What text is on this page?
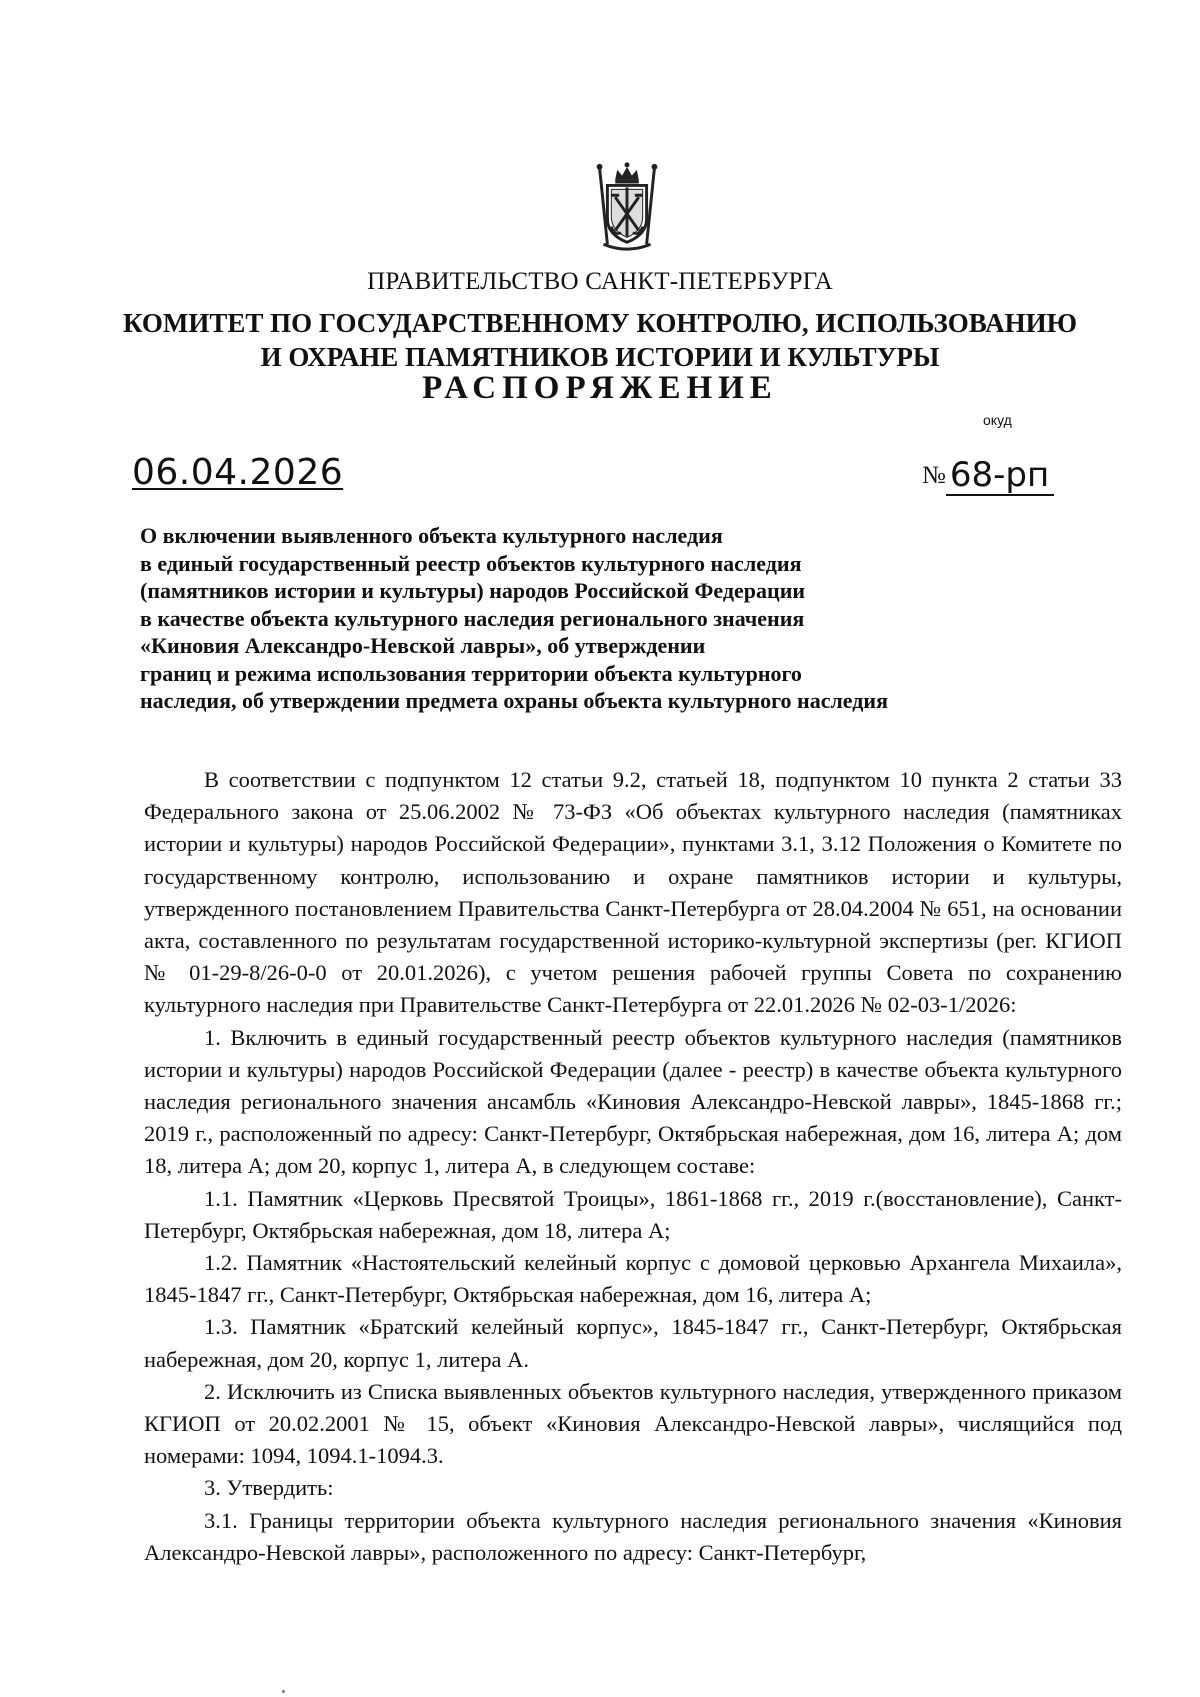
ПРАВИТЕЛЬСТВО САНКТ-ПЕТЕРБУРГА
КОМИТЕТ ПО ГОСУДАРСТВЕННОМУ КОНТРОЛЮ, ИСПОЛЬЗОВАНИЮ
И ОХРАНЕ ПАМЯТНИКОВ ИСТОРИИ И КУЛЬТУРЫ
РАСПОРЯЖЕНИЕ
окуд
06.04.2026	№ 68-рп
О включении выявленного объекта культурного наследия
в единый государственный реестр объектов культурного наследия
(памятников истории и культуры) народов Российской Федерации
в качестве объекта культурного наследия регионального значения
«Киновия Александро-Невской лавры», об утверждении
границ и режима использования территории объекта культурного
наследия, об утверждении предмета охраны объекта культурного наследия

В соответствии с подпунктом 12 статьи 9.2, статьей 18, подпунктом 10 пункта 2 статьи 33 Федерального закона от 25.06.2002 № 73-ФЗ «Об объектах культурного наследия (памятниках истории и культуры) народов Российской Федерации», пунктами 3.1, 3.12 Положения о Комитете по государственному контролю, использованию и охране памятников истории и культуры, утвержденного постановлением Правительства Санкт-Петербурга от 28.04.2004 № 651, на основании акта, составленного по результатам государственной историко-культурной экспертизы (рег. КГИОП № 01-29-8/26-0-0 от 20.01.2026), с учетом решения рабочей группы Совета по сохранению культурного наследия при Правительстве Санкт-Петербурга от 22.01.2026 № 02-03-1/2026:

1. Включить в единый государственный реестр объектов культурного наследия (памятников истории и культуры) народов Российской Федерации (далее - реестр) в качестве объекта культурного наследия регионального значения ансамбль «Киновия Александро-Невской лавры», 1845-1868 гг.; 2019 г., расположенный по адресу: Санкт-Петербург, Октябрьская набережная, дом 16, литера А; дом 18, литера А; дом 20, корпус 1, литера А, в следующем составе:

1.1. Памятник «Церковь Пресвятой Троицы», 1861-1868 гг., 2019 г.(восстановление), Санкт-Петербург, Октябрьская набережная, дом 18, литера А;

1.2. Памятник «Настоятельский келейный корпус с домовой церковью Архангела Михаила», 1845-1847 гг., Санкт-Петербург, Октябрьская набережная, дом 16, литера А;

1.3. Памятник «Братский келейный корпус», 1845-1847 гг., Санкт-Петербург, Октябрьская набережная, дом 20, корпус 1, литера А.

2. Исключить из Списка выявленных объектов культурного наследия, утвержденного приказом КГИОП от 20.02.2001 № 15, объект «Киновия Александро-Невской лавры», числящийся под номерами: 1094, 1094.1-1094.3.

3. Утвердить:

3.1. Границы территории объекта культурного наследия регионального значения «Киновия Александро-Невской лавры», расположенного по адресу: Санкт-Петербург,
